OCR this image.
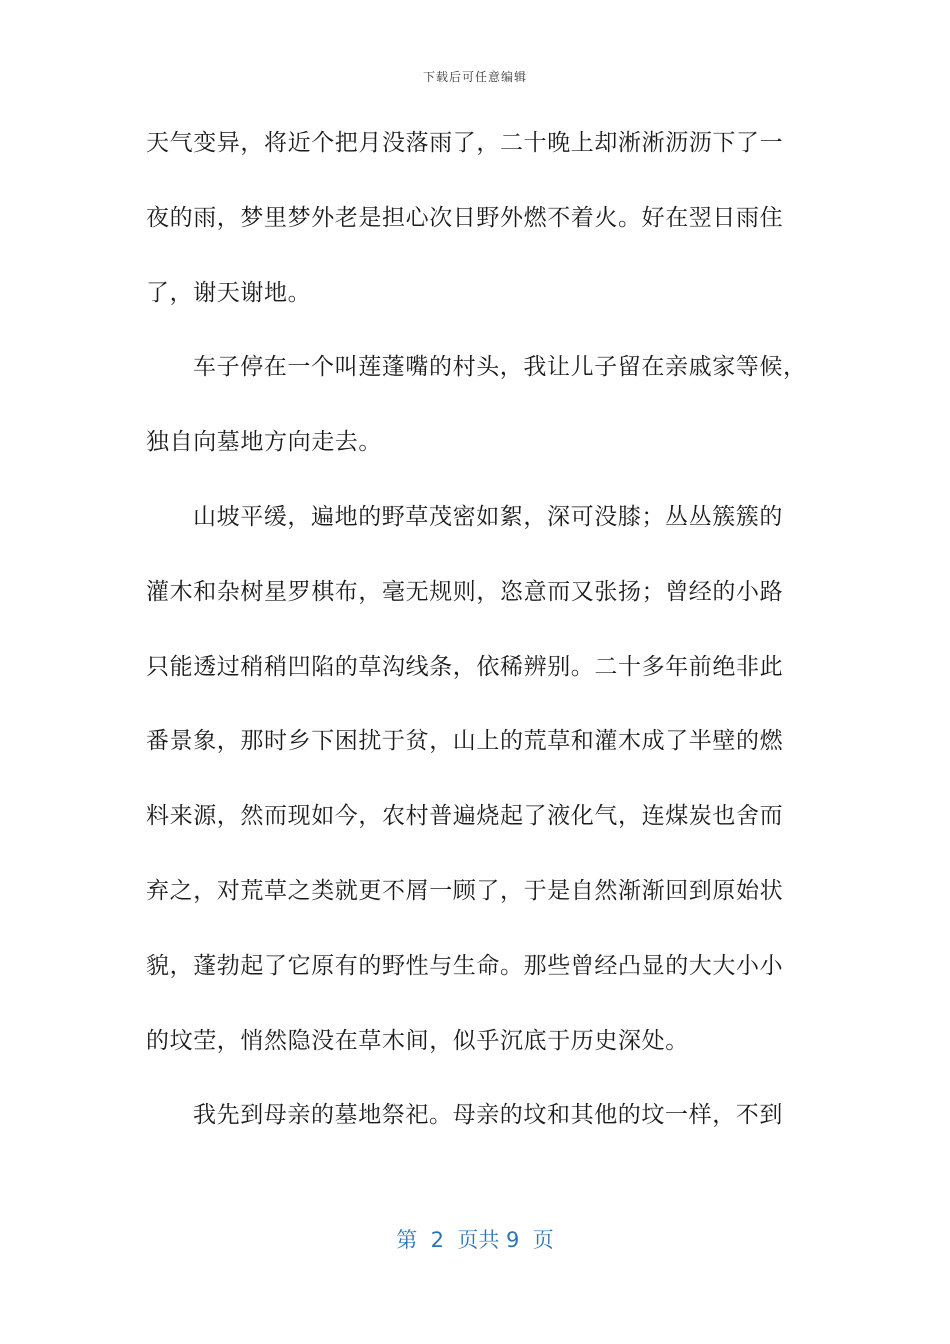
下载后可任意编辑
天气变异，将近个把月没落雨了，二十晚上却淅淅沥沥下了一
夜的雨，梦里梦外老是担心次日野外燃不着火。好在翌日雨住
了，谢天谢地。
车子停在一个叫莲蓬嘴的村头，我让儿子留在亲戚家等候，
独自向墓地方向走去。
山坡平缓，遍地的野草茂密如絮，深可没膝；丛丛簇簇的
灌木和杂树星罗棋布，毫无规则，恣意而又张扬；曾经的小路
只能透过稍稍凹陷的草沟线条，依稀辨别。二十多年前绝非此
番景象，那时乡下困扰于贫，山上的荒草和灌木成了半壁的燃
料来源，然而现如今，农村普遍烧起了液化气，连煤炭也舍而
弃之，对荒草之类就更不屑一顾了，于是自然渐渐回到原始状
貌，蓬勃起了它原有的野性与生命。那些曾经凸显的大大小小
的坟茔，悄然隐没在草木间，似乎沉底于历史深处。
我先到母亲的墓地祭祀。母亲的坟和其他的坟一样，不到
第  2  页共 9  页
